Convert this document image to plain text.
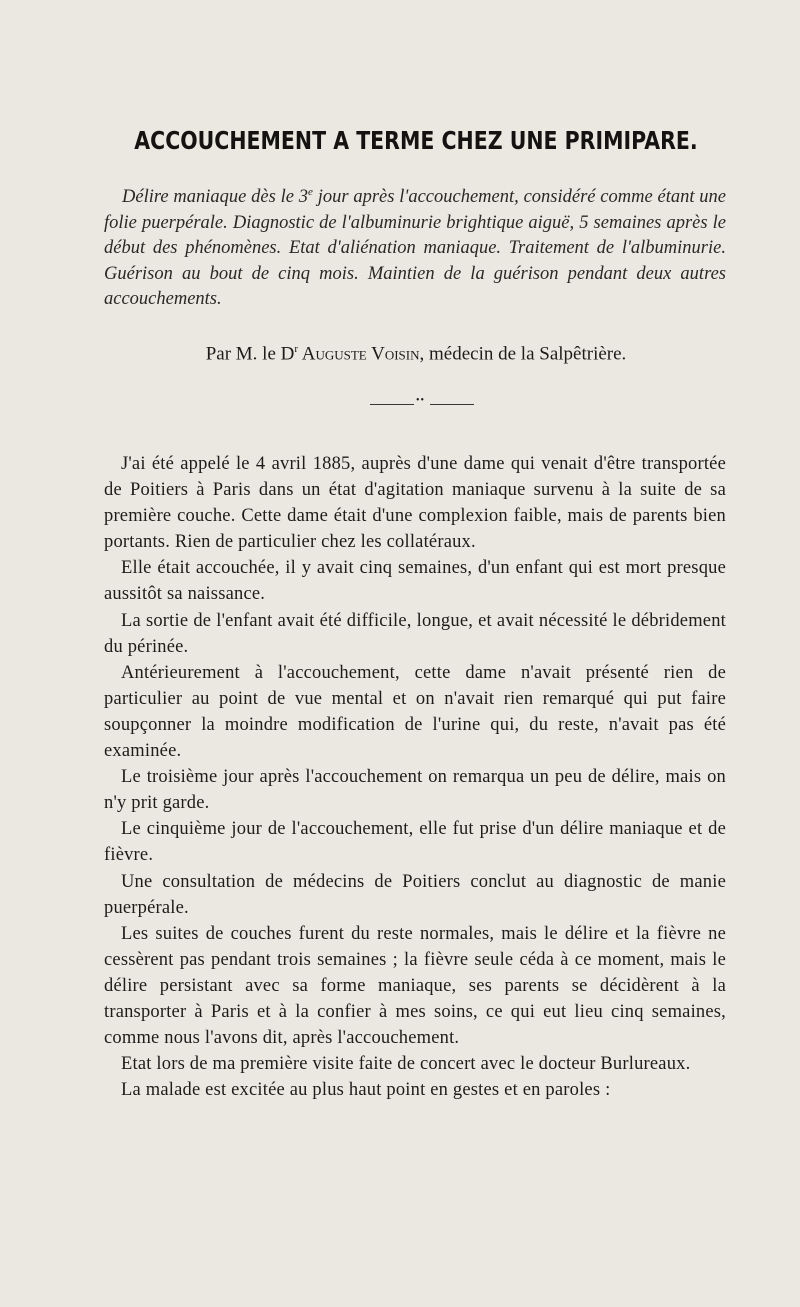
ACCOUCHEMENT A TERME CHEZ UNE PRIMIPARE.
Délire maniaque dès le 3e jour après l'accouchement, considéré comme étant une folie puerpérale. Diagnostic de l'albuminurie brightique aiguë, 5 semaines après le début des phénomènes. Etat d'aliénation maniaque. Traitement de l'albuminurie. Guérison au bout de cinq mois. Maintien de la guérison pendant deux autres accouchements.
Par M. le $D^r$ Auguste Voisin, médecin de la Salpêtrière.
••

J'ai été appelé le 4 avril 1885, auprès d'une dame qui venait d'être transportée de Poitiers à Paris dans un état d'agitation maniaque survenu à la suite de sa première couche. Cette dame était d'une complexion faible, mais de parents bien portants. Rien de particulier chez les collatéraux.

Elle était accouchée, il y avait cinq semaines, d'un enfant qui est mort presque aussitôt sa naissance.

La sortie de l'enfant avait été difficile, longue, et avait nécessité le débridement du périnée.

Antérieurement à l'accouchement, cette dame n'avait présenté rien de particulier au point de vue mental et on n'avait rien remarqué qui put faire soupçonner la moindre modification de l'urine qui, du reste, n'avait pas été examinée.

Le troisième jour après l'accouchement on remarqua un peu de délire, mais on n'y prit garde.

Le cinquième jour de l'accouchement, elle fut prise d'un délire maniaque et de fièvre.

Une consultation de médecins de Poitiers conclut au diagnostic de manie puerpérale.

Les suites de couches furent du reste normales, mais le délire et la fièvre ne cessèrent pas pendant trois semaines ; la fièvre seule céda à ce moment, mais le délire persistant avec sa forme maniaque, ses parents se décidèrent à la transporter à Paris et à la confier à mes soins, ce qui eut lieu cinq semaines, comme nous l'avons dit, après l'accouchement.

Etat lors de ma première visite faite de concert avec le docteur Burlureaux.

La malade est excitée au plus haut point en gestes et en paroles :
